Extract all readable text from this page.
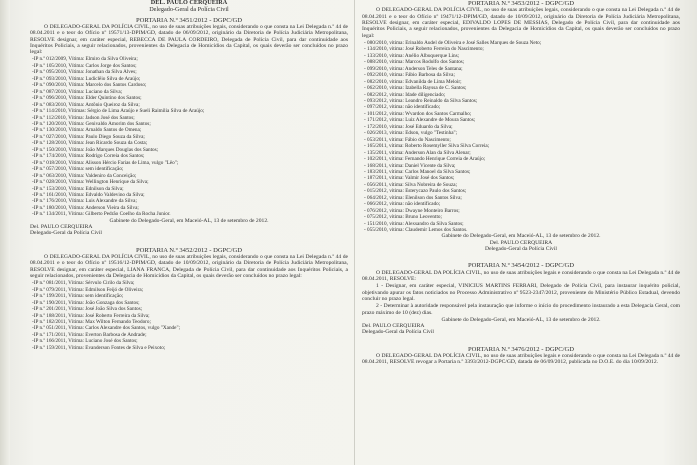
DEL. PAULO CERQUEIRA
Delegado-Geral da Polícia Civil
PORTARIA N.º 3451/2012 - DGPC/GD

O DELEGADO-GERAL DA POLÍCIA CIVIL, no uso de suas atribuições legais, considerando o que consta na Lei Delegada n.º 44 de 08.04.2011 e o teor do Ofício nº 19571/13-DPIM/GD, datado de 06/09/2012, originário da Diretoria de Polícia Judiciária Metropolitana, RESOLVE designar, em caráter especial, REBECCA DE PAULA CORDEIRO, Delegada de Polícia Civil, para dar continuidade aos Inquéritos Policiais, a seguir relacionados, provenientes da Delegacia de Homicídios da Capital, os quais deverão ser concluídos no prazo legal:

-IP n.º 012/2009, Vítima: Elmiro da Silva Oliveira;
-IP n.º 105/2010, Vítima: Carlos Jorge dos Santos;
-IP n.º 095/2010, Vítima: Jonathan da Silva Alves;
-IP n.º 093/2010, Vítima: Ludiclêio Silva de Araújo;
-IP n.º 090/2010, Vítima: Marcelo dos Santos Cardoso;
-IP n.º 087/2010, Vítima: Luciano da Silva;
-IP n.º 096/2010, Vítima: Elder Quintino dos Santos;
-IP n.º 083/2010, Vítima: Antônio Queiroz da Silva;
-IP n.º 114/2010, Vítimas: Sérgio de Lima Araújo e Sueli Raimilia Silva de Araújo;
-IP n.º 112/2010, Vítima: Jadson José dos Santos;
-IP n.º 120/2010, Vítima: Genivaldo Amorim dos Santos;
-IP n.º 130/2010, Vítima: Arnaldo Santos de Omena;
-IP n.º 027/2010, Vítima: Paulo Diego Souza da Silva;
-IP n.º 128/2010, Vítima: Jean Ricardo Souza da Costa;
-IP n.º 150/2010, Vítima: João Marques Douglas dos Santos;
-IP n.º 174/2010, Vítima: Rodrigo Correia dos Santos;
-IP n.º 018/2010, Vítima: Alisson Hércio Farias de Lima, vulgo "Lêo";
-IP n.º 057/2010, Vítima: sem identificação;
-IP n.º 063/2010, Vítima: Valdeniro da Conceição;
-IP n.º 028/2010, Vítima: Wellington Henrique da Silva;
-IP n.º 153/2010, Vítima: Ednilson da Silva;
-IP n.º 161/2010, Vítima: Edvaldo Valdevino da Silva;
-IP n.º 176/2010, Vítima: Luis Alexandre da Silva;
-IP n.º 180/2010, Vítima: Anderson Vieira da Silva;
-IP n.º 134/2011, Vítima: Gilberto Pedrão Coelho da Rocha Junior.
Gabinete do Delegado-Geral, em Maceió-AL, 13 de setembro de 2012.
Del. PAULO CERQUEIRA
Delegado-Geral da Polícia Civil
PORTARIA N.º 3452/2012 - DGPC/GD

O DELEGADO-GERAL DA POLÍCIA CIVIL, no uso de suas atribuições legais, considerando o que consta na Lei Delegada n.º 44 de 08.04.2011 e o teor do Ofício nº 19516/12-DPIM/GD, datado de 10/09/2012, originário da Diretoria de Polícia Judiciária Metropolitana, RESOLVE designar, em caráter especial, LIANA FRANCA, Delegada de Polícia Civil, para dar continuidade aos Inquéritos Policiais, a seguir relacionados, provenientes da Delegacia de Homicídios da Capital, os quais deverão ser concluídos no prazo legal:

-IP n.º 081/2011, Vítima: Sérvulo Cirilo da Silva;
-IP n.º 079/2011, Vítima: Edmilson Feijó de Oliveira;
-IP n.º 199/2011, Vítima: sem identificação;
-IP n.º 190/2011, Vítima: João Gonzaga dos Santos;
-IP n.º 201/2011, Vítima: José João Silva dos Santos;
-IP n.º 188/2011, Vítima: José Roberto Ferreira da Silva;
-IP n.º 182/2011, Vítima: Max Wilton Fernando Teodoro;
-IP n.º 051/2011, Vítima: Carlos Alexandre dos Santos, vulgo "Xande";
-IP n.º 171/2011, Vítima: Everton Barbosa de Andrade;
-IP n.º 166/2011, Vítima: Luciano José dos Santos;
-IP n.º 159/2011, Vítima: Evanderson Fontes de Silva e Peixoto;
PORTARIA N.º 3453/2012 - DGPC/GD

O DELEGADO-GERAL DA POLÍCIA CIVIL, no uso de suas atribuições legais, considerando o que consta na Lei Delegada n.º 44 de 08.04.2011 e o teor do Ofício nº 19471/12-DPIM/GD, datado de 10/09/2012, originário da Diretoria de Polícia Judiciária Metropolitana, RESOLVE designar, em caráter especial, EDIVALDO LOPES DE MESSIAS, Delegado de Polícia Civil, para dar continuidade aos Inquéritos Policiais, a seguir relacionados, provenientes da Delegacia de Homicídios da Capital, os quais deverão ser concluídos no prazo legal:

- 080/2010, vítima: Erinaldo Audel de Oliveira e José Salles Marques de Souza Neto;
- 134/2010, vítima: José Roberto Ferreira do Nascimento;
- 133/2010, vítima: Anélio Albuquerque Lins;
- 088/2010, vítima: Marcos Rodolfo dos Santos;
- 099/2010, vítima: Anderson Teles de Santana;
- 092/2010, vítima: Fábio Barbosa da Silva;
- 082/2010, vítima: Edvanilda de Lima Meloir;
- 062/2010, vítima: Izabella Rayssa de C. Santos;
- 082/2012, vítima: Idade diligenciado;
- 093/2012, vítima: Leandro Reinaldo da Silva Santos;
- 097/2012, vítima: não identificado;
- 101/2012, vítima: Wvardon dos Santos Carmalho;
- 171/2012, vítima: Luiz Alexandre de Moura Santos;
- 172/2010, vítima: José Eduardo da Silva;
- 026/2013, vítima: Edson, vulgo "Testinha";
- 053/2011, vítima: Fábio do Nascimento;
- 165/2011, vítima: Roberto Rosemyller Silva Silva Correia;
- 135/2011, vítima: Anderson Alan da Silva Alenar;
- 102/2011, vítima: Fernando Henrique Correia de Araújo;
- 168/2011, vítima: Daniel Vicente da Silva;
- 183/2011, vítima: Carlos Manoel da Silva Santos;
- 187/2011, vítima: Valmir José dos Santos;
- 056/2011, vítima: Silva Nobreira de Souza;
- 015/2012, vítima: Esterycazo Paulo dos Santos;
- 064/2012, vítima: Elenilson dos Santos Silva;
- 066/2012, vítima: não identificado;
- 076/2012, vítima: Dwayne Monteiro Barros;
- 075/2012, vítima: Bruno Leoventto;
- 151/2010, vítima: Alexsandro da Silva Santos;
- 055/2010, vítima: Claudemir Lemos dos Santos.
Gabinete do Delegado-Geral, em Maceió-AL, 13 de setembro de 2012.
Del. PAULO CERQUEIRA
Delegado-Geral da Polícia Civil
PORTARIA N.º 3454/2012 - DGPC/GD

O DELEGADO-GERAL DA POLÍCIA CIVIL, no uso de suas atribuições legais e considerando o que consta na Lei Delegada n.º 44 de 08.04.2011, RESOLVE:

1 - Designar, em caráter especial, VINICIUS MARTINS FERRARI, Delegado de Polícia Civil, para instaurar inquérito policial, objetivando apurar os fatos noticiados no Processo Administrativo nº 9523-2347/2012, proveniente do Ministério Público Estadual, devendo concluir no prazo legal.

2 - Determinar à autoridade responsável pela instauração que informe o início do procedimento instaurado a esta Delegacia Geral, com prazo máximo de 10 (dez) dias.

Gabinete do Delegado-Geral, em Maceió-AL, 13 de setembro de 2012.
Del. PAULO CERQUEIRA
Delegado-Geral da Polícia Civil
PORTARIA N.º 3476/2012 - DGPC/GD

O DELEGADO-GERAL DA POLÍCIA CIVIL, no uso de suas atribuições legais e considerando o que consta na Lei Delegada n.º 44 de 08.04.2011, RESOLVE revogar a Portaria n.º 3393/2012-DGPC/GD, datada de 06/09/2012, publicada no D.O.E. do dia 10/09/2012.
